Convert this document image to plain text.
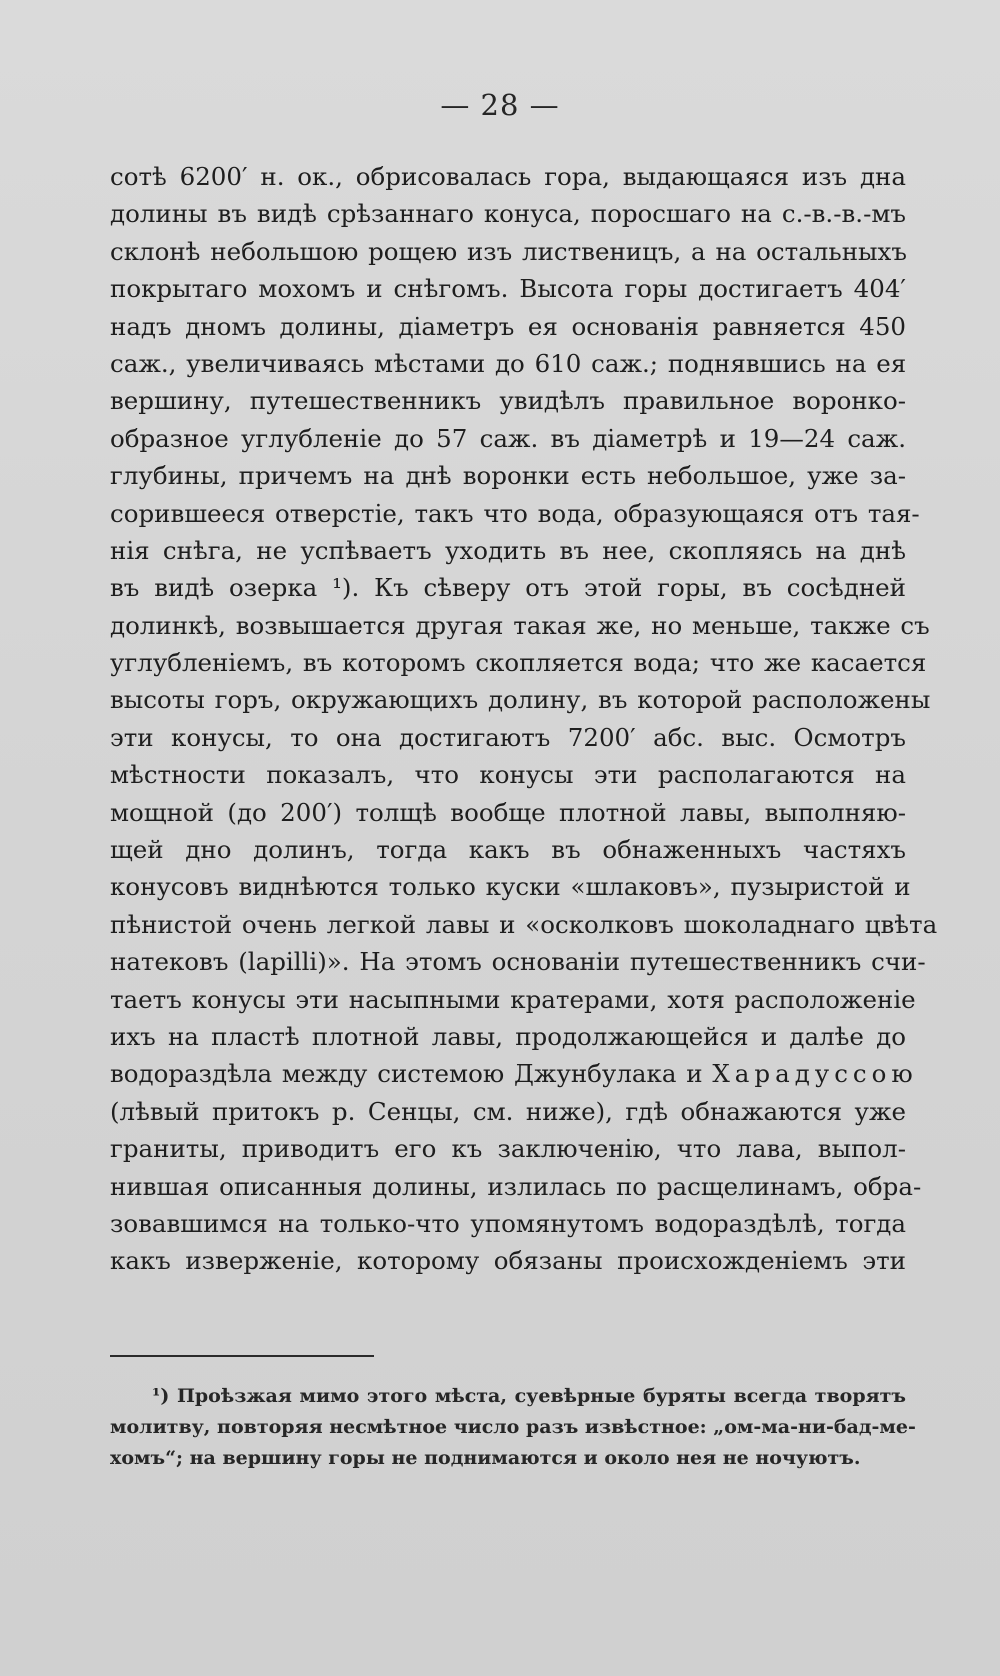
— 28 —
сотѣ 6200′ н. ок., обрисовалась гора, выдающаяся изъ дна
долины въ видѣ срѣзаннаго конуса, поросшаго на с.-в.-в.-мъ
склонѣ небольшою рощею изъ лиственицъ, а на остальныхъ
покрытаго мохомъ и снѣгомъ. Высота горы достигаетъ 404′
надъ дномъ долины, діаметръ ея основанія равняется 450
саж., увеличиваясь мѣстами до 610 саж.; поднявшись на ея
вершину, путешественникъ увидѣлъ правильное воронко-
образное углубленіе до 57 саж. въ діаметрѣ и 19—24 саж.
глубины, причемъ на днѣ воронки есть небольшое, уже за-
сорившееся отверстіе, такъ что вода, образующаяся отъ тая-
нія снѣга, не успѣваетъ уходить въ нее, скопляясь на днѣ
въ видѣ озерка ¹). Къ сѣверу отъ этой горы, въ сосѣдней
долинкѣ, возвышается другая такая же, но меньше, также съ
углубленіемъ, въ которомъ скопляется вода; что же касается
высоты горъ, окружающихъ долину, въ которой расположены
эти конусы, то она достигаютъ 7200′ абс. выс. Осмотръ
мѣстности показалъ, что конусы эти располагаются на
мощной (до 200′) толщѣ вообще плотной лавы, выполняю-
щей дно долинъ, тогда какъ въ обнаженныхъ частяхъ
конусовъ виднѣются только куски «шлаковъ», пузыристой и
пѣнистой очень легкой лавы и «осколковъ шоколаднаго цвѣта
натековъ (lapilli)». На этомъ основаніи путешественникъ счи-
таетъ конусы эти насыпными кратерами, хотя расположеніе
ихъ на пластѣ плотной лавы, продолжающейся и далѣе до
водораздѣла между системою Джунбулака и Харадуссою
(лѣвый притокъ р. Сенцы, см. ниже), гдѣ обнажаются уже
граниты, приводитъ его къ заключенію, что лава, выпол-
нившая описанныя долины, излилась по расщелинамъ, обра-
зовавшимся на только-что упомянутомъ водораздѣлѣ, тогда
какъ изверженіе, которому обязаны происхожденіемъ эти
¹) Проѣзжая мимо этого мѣста, суевѣрные буряты всегда творятъ
молитву, повторяя несмѣтное число разъ извѣстное: „ом-ма-ни-бад-ме-
хомъ“; на вершину горы не поднимаются и около нея не ночуютъ.
